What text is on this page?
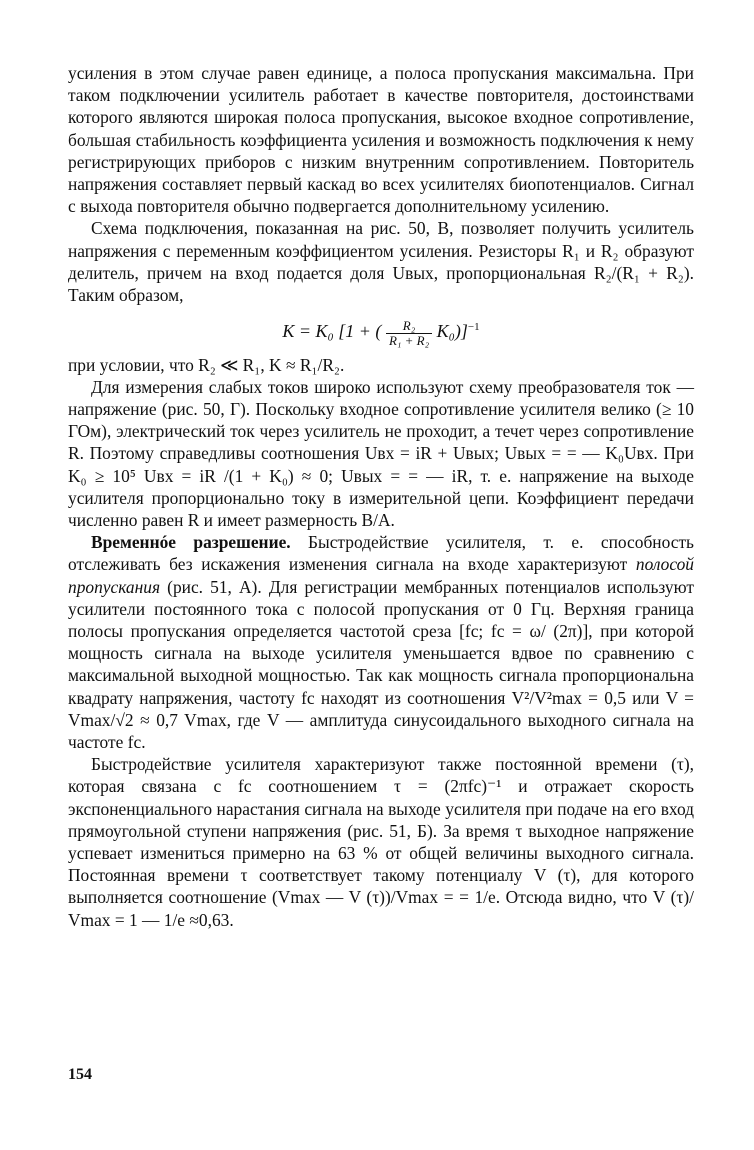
усиления в этом случае равен единице, а полоса пропускания максимальна. При таком подключении усилитель работает в качестве повторителя, достоинствами которого являются широкая полоса пропускания, высокое входное сопротивление, большая стабильность коэффициента усиления и возможность подключения к нему регистрирующих приборов с низким внутренним сопротивлением. Повторитель напряжения составляет первый каскад во всех усилителях биопотенциалов. Сигнал с выхода повторителя обычно подвергается дополнительному усилению.

Схема подключения, показанная на рис. 50, В, позволяет получить усилитель напряжения с переменным коэффициентом усиления. Резисторы R₁ и R₂ образуют делитель, причем на вход подается доля Uвых, пропорциональная R₂/(R₁ + R₂). Таким образом,

K = K₀ [1 + ( $\frac{\text{R₂}}{\text{R₁ + R₂}} K_0)]^{-1}$

при условии, что R₂ ≪ R₁, K ≈ R₁/R₂.

Для измерения слабых токов широко используют схему преобразователя ток — напряжение (рис. 50, Г). Поскольку входное сопротивление усилителя велико (≥ 10 ГОм), электрический ток через усилитель не проходит, а течет через сопротивление R. Поэтому справедливы соотношения Uвх = iR + Uвых; Uвых = = — K₀Uвх. При K₀ ≥ 10⁵ Uвх = iR /(1 + K₀) ≈ 0; Uвых = = — iR, т. е. напряжение на выходе усилителя пропорционально току в измерительной цепи. Коэффициент передачи численно равен R и имеет размерность В/А.

Временнóе разрешение. Быстродействие усилителя, т. е. способность отслеживать без искажения изменения сигнала на входе характеризуют полосой пропускания (рис. 51, А). Для регистрации мембранных потенциалов используют усилители постоянного тока с полосой пропускания от 0 Гц. Верхняя граница полосы пропускания определяется частотой среза [fс; fс = ω/ (2π)], при которой мощность сигнала на выходе усилителя уменьшается вдвое по сравнению с максимальной выходной мощностью. Так как мощность сигнала пропорциональна квадрату напряжения, частоту fс находят из соотношения V²/V²max = 0,5 или V = Vmax/√2 ≈ 0,7 Vmax, где V — амплитуда синусоидального выходного сигнала на частоте fс.

Быстродействие усилителя характеризуют также постоянной времени (τ), которая связана с fс соотношением τ = (2πfс)⁻¹ и отражает скорость экспоненциального нарастания сигнала на выходе усилителя при подаче на его вход прямоугольной ступени напряжения (рис. 51, Б). За время τ выходное напряжение успевает измениться примерно на 63 % от общей величины выходного сигнала. Постоянная времени τ соответствует такому потенциалу V (τ), для которого выполняется соотношение (Vmax — V (τ))/Vmax = = 1/e. Отсюда видно, что V (τ)/ Vmax = 1 — 1/e ≈0,63.

154
